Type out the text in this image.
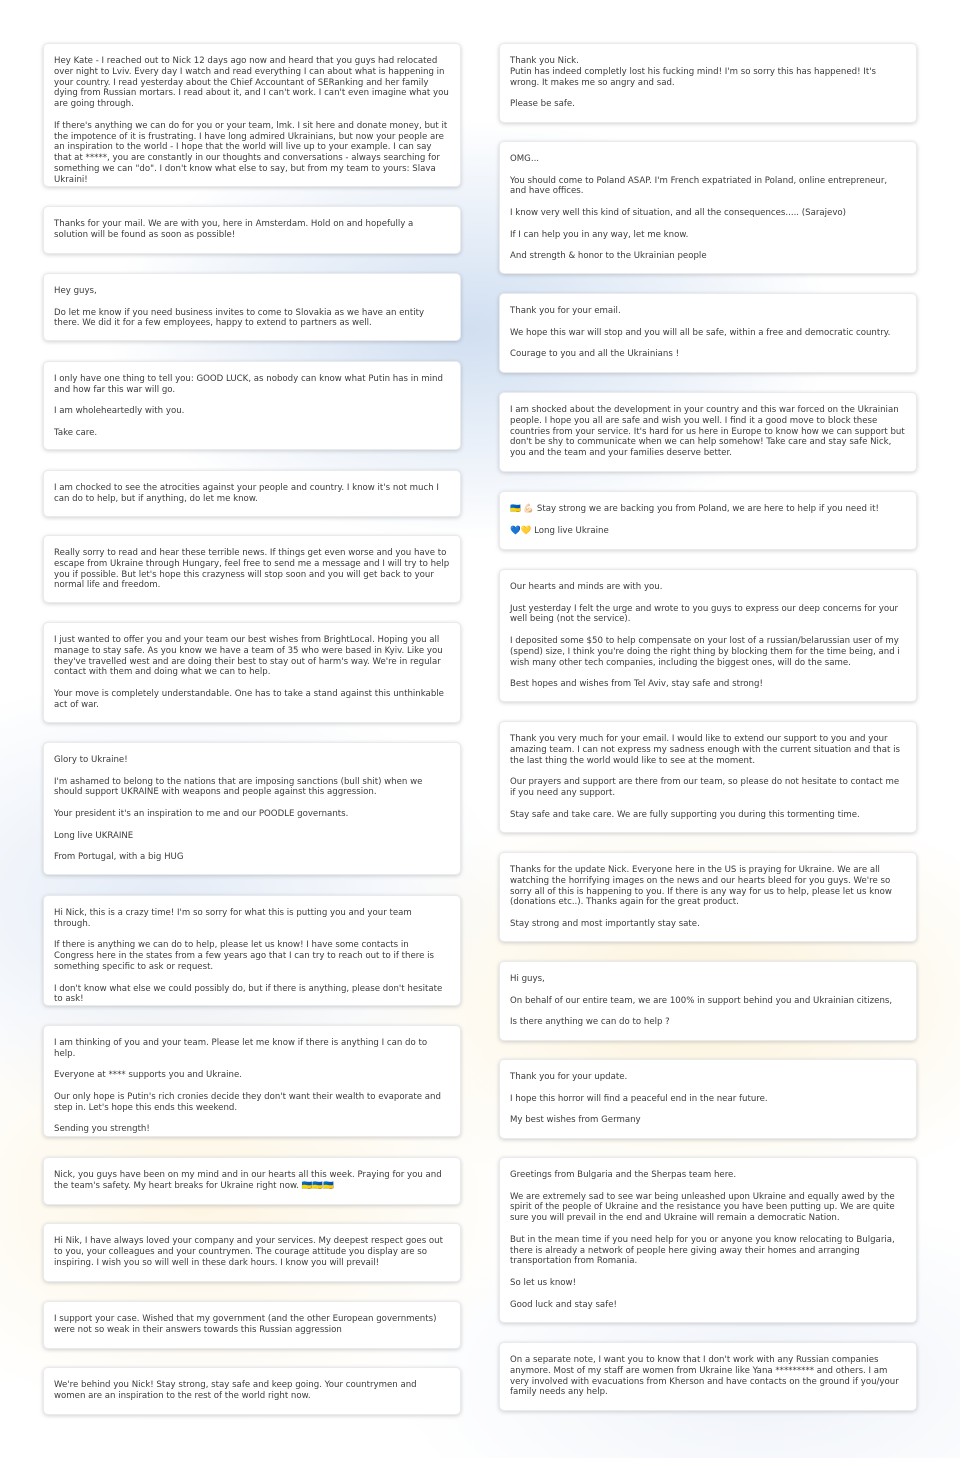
Hey Kate - I reached out to Nick 12 days ago now and heard that you guys had relocated over night to Lviv. Every day I watch and read everything I can about what is happening in your country. I read yesterday about the Chief Accountant of SERanking and her family dying from Russian mortars. I read about it, and I can't work. I can't even imagine what you are going through.

If there's anything we can do for you or your team, lmk. I sit here and donate money, but it the impotence of it is frustrating. I have long admired Ukrainians, but now your people are an inspiration to the world - I hope that the world will live up to your example. I can say that at *****, you are constantly in our thoughts and conversations - always searching for something we can "do". I don't know what else to say, but from my team to yours: Slava Ukraini!

Thanks for your mail. We are with you, here in Amsterdam. Hold on and hopefully a solution will be found as soon as possible!

Hey guys,

Do let me know if you need business invites to come to Slovakia as we have an entity there. We did it for a few employees, happy to extend to partners as well.

I only have one thing to tell you: GOOD LUCK, as nobody can know what Putin has in mind and how far this war will go.

I am wholeheartedly with you.

Take care.

I am chocked to see the atrocities against your people and country. I know it's not much I can do to help, but if anything, do let me know.

Really sorry to read and hear these terrible news. If things get even worse and you have to escape from Ukraine through Hungary, feel free to send me a message and I will try to help you if possible. But let's hope this crazyness will stop soon and you will get back to your normal life and freedom.

I just wanted to offer you and your team our best wishes from BrightLocal. Hoping you all manage to stay safe. As you know we have a team of 35 who were based in Kyiv. Like you they've travelled west and are doing their best to stay out of harm's way. We're in regular contact with them and doing what we can to help.

Your move is completely understandable. One has to take a stand against this unthinkable act of war.

Glory to Ukraine!

I'm ashamed to belong to the nations that are imposing sanctions (bull shit) when we should support UKRAINE with weapons and people against this aggression.

Your president it's an inspiration to me and our POODLE governants.

Long live UKRAINE

From Portugal, with a big HUG

Hi Nick, this is a crazy time! I'm so sorry for what this is putting you and your team through.

If there is anything we can do to help, please let us know! I have some contacts in Congress here in the states from a few years ago that I can try to reach out to if there is something specific to ask or request.

I don't know what else we could possibly do, but if there is anything, please don't hesitate to ask!

I am thinking of you and your team. Please let me know if there is anything I can do to help.

Everyone at **** supports you and Ukraine.

Our only hope is Putin's rich cronies decide they don't want their wealth to evaporate and step in. Let's hope this ends this weekend.

Sending you strength!

Nick, you guys have been on my mind and in our hearts all this week. Praying for you and the team's safety. My heart breaks for Ukraine right now. 🇺🇦🇺🇦🇺🇦

Hi Nik, I have always loved your company and your services. My deepest respect goes out to you, your colleagues and your countrymen. The courage attitude you display are so inspiring. I wish you so will well in these dark hours. I know you will prevail!

I support your case. Wished that my government (and the other European governments) were not so weak in their answers towards this Russian aggression

We're behind you Nick! Stay strong, stay safe and keep going. Your countrymen and women are an inspiration to the rest of the world right now.

Thank you Nick.
Putin has indeed completly lost his fucking mind! I'm so sorry this has happened! It's wrong. It makes me so angry and sad.

Please be safe.

OMG...

You should come to Poland ASAP. I'm French expatriated in Poland, online entrepreneur, and have offices.

I know very well this kind of situation, and all the consequences..... (Sarajevo)

If I can help you in any way, let me know.

And strength & honor to the Ukrainian people

Thank you for your email.

We hope this war will stop and you will all be safe, within a free and democratic country.

Courage to you and all the Ukrainians !

I am shocked about the development in your country and this war forced on the Ukrainian people. I hope you all are safe and wish you well. I find it a good move to block these countries from your service. It's hard for us here in Europe to know how we can support but don't be shy to communicate when we can help somehow! Take care and stay safe Nick, you and the team and your families deserve better.

🇺🇦 💪🏻 Stay strong we are backing you from Poland, we are here to help if you need it!

💙💛 Long live Ukraine

Our hearts and minds are with you.

Just yesterday I felt the urge and wrote to you guys to express our deep concerns for your well being (not the service).

I deposited some $50 to help compensate on your lost of a russian/belarussian user of my (spend) size, I think you're doing the right thing by blocking them for the time being, and i wish many other tech companies, including the biggest ones, will do the same.

Best hopes and wishes from Tel Aviv, stay safe and strong!

Thank you very much for your email. I would like to extend our support to you and your amazing team. I can not express my sadness enough with the current situation and that is the last thing the world would like to see at the moment.

Our prayers and support are there from our team, so please do not hesitate to contact me if you need any support.

Stay safe and take care. We are fully supporting you during this tormenting time.

Thanks for the update Nick. Everyone here in the US is praying for Ukraine. We are all watching the horrifying images on the news and our hearts bleed for you guys. We're so sorry all of this is happening to you. If there is any way for us to help, please let us know (donations etc..). Thanks again for the great product.

Stay strong and most importantly stay sate.

Hi guys,

On behalf of our entire team, we are 100% in support behind you and Ukrainian citizens,

Is there anything we can do to help ?

Thank you for your update.

I hope this horror will find a peaceful end in the near future.

My best wishes from Germany

Greetings from Bulgaria and the Sherpas team here.

We are extremely sad to see war being unleashed upon Ukraine and equally awed by the spirit of the people of Ukraine and the resistance you have been putting up. We are quite sure you will prevail in the end and Ukraine will remain a democratic Nation.

But in the mean time if you need help for you or anyone you know relocating to Bulgaria, there is already a network of people here giving away their homes and arranging transportation from Romania.

So let us know!

Good luck and stay safe!

On a separate note, I want you to know that I don't work with any Russian companies anymore. Most of my staff are women from Ukraine like Yana ********* and others. I am very involved with evacuations from Kherson and have contacts on the ground if you/your family needs any help.
